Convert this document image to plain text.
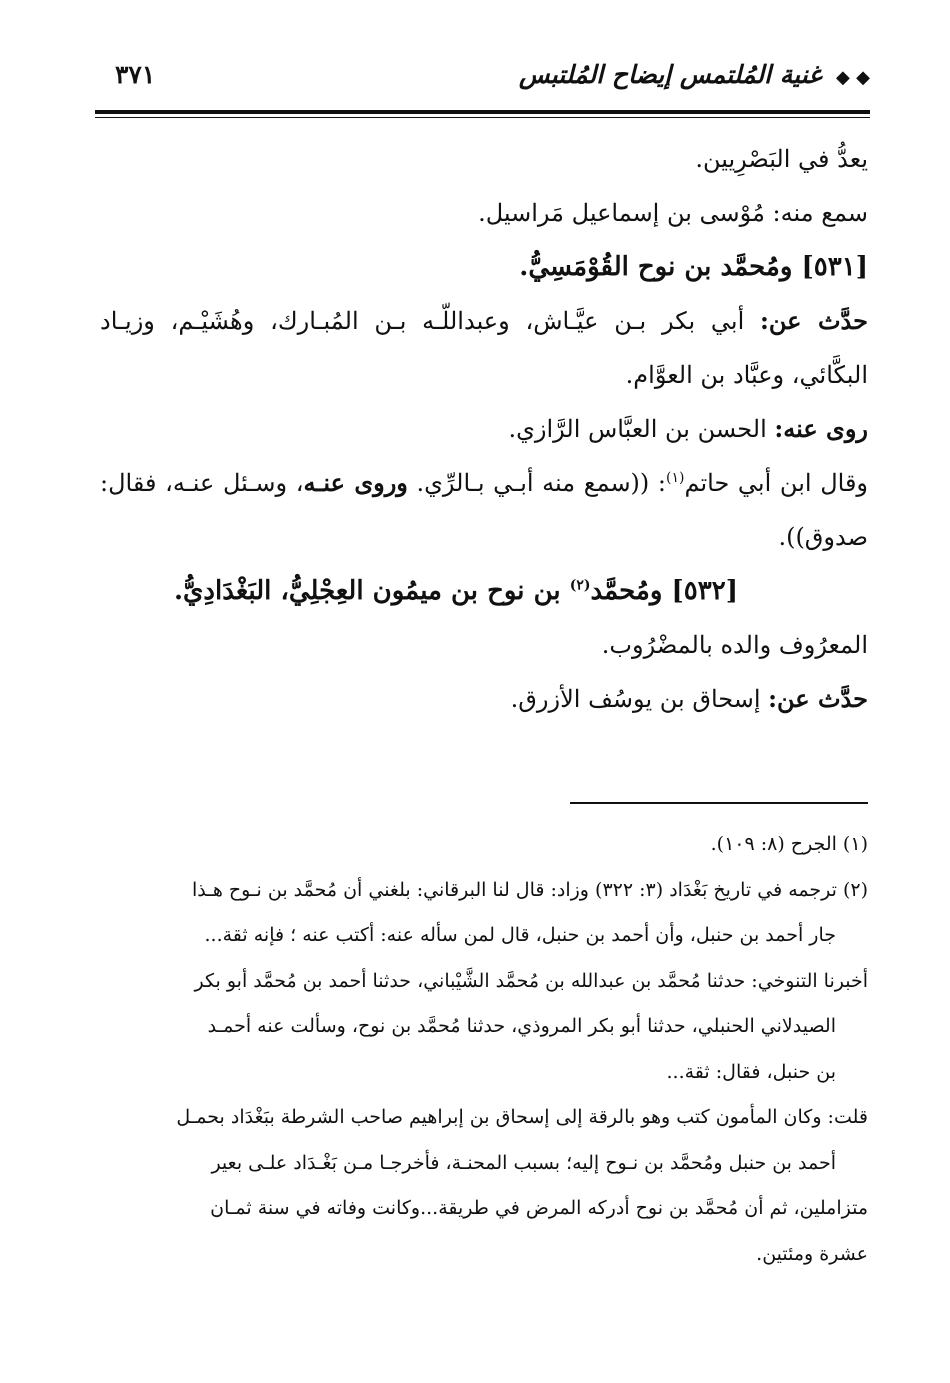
◆ ◆ غنية المُلتمس إيضاح المُلتبس
٣٧١

يعدُّ في البَصْرِيين.

سمع منه: مُوْسى بن إسماعيل مَراسيل.

[٥٣١] ومُحمَّد بن نوح القُوْمَسِيُّ.

حدَّث عن: أبي بكر بـن عيَّـاش، وعبداللّـه بـن المُبـارك، وهُشَيْـم، وزيـاد البكَّائي، وعبَّاد بن العوَّام.

روى عنه: الحسن بن العبَّاس الرَّازي.

وقال ابن أبي حاتم$^{(١)}$: ((سمع منه أبـي بـالرِّي. وروى عنـه، وسـئل عنـه، فقال: صدوق)).

[٥٣٢] ومُحمَّد$^{(٢)}$ بن نوح بن ميمُون العِجْلِيُّ، البَغْدَادِيُّ.

المعرُوف والده بالمضْرُوب.

حدَّث عن: إسحاق بن يوسُف الأزرق.

(١) الجرح (٨: ١٠٩).

(٢) ترجمه في تاريخ بَغْدَاد (٣: ٣٢٢) وزاد: قال لنا البرقاني: بلغني أن مُحمَّد بن نـوح هـذا

جار أحمد بن حنبل، وأن أحمد بن حنبل، قال لمن سأله عنه: أكتب عنه ؛ فإنه ثقة...

أخبرنا التنوخي: حدثنا مُحمَّد بن عبدالله بن مُحمَّد الشَّيْباني، حدثنا أحمد بن مُحمَّد أبو بكر

الصيدلاني الحنبلي، حدثنا أبو بكر المروذي، حدثنا مُحمَّد بن نوح، وسألت عنه أحمـد

بن حنبل، فقال: ثقة...

قلت: وكان المأمون كتب وهو بالرقة إلى إسحاق بن إبراهيم صاحب الشرطة ببَغْدَاد بحمـل

أحمد بن حنبل ومُحمَّد بن نـوح إليه؛ بسبب المحنـة، فأخرجـا مـن بَغْـدَاد علـى بعير

متزاملين، ثم أن مُحمَّد بن نوح أدركه المرض في طريقة...وكانت وفاته في سنة ثمـان

عشرة ومئتين.
